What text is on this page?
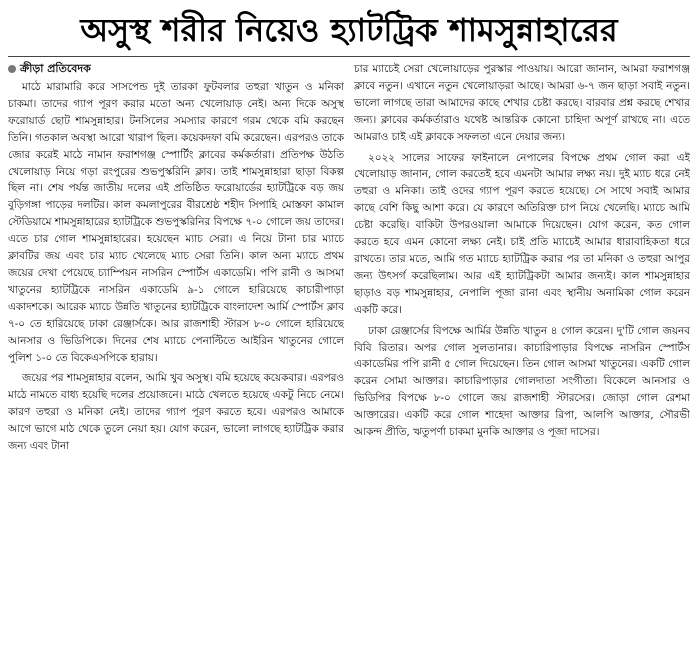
অসুস্থ শরীর নিয়েও হ্যাটট্রিক শামসুন্নাহারের
ক্রীড়া প্রতিবেদক

মাঠে মারামারি করে সাসপেন্ড দুই তারকা ফুটবলার তহুরা খাতুন ও মনিকা চাকমা। তাদের গ্যাপ পূরণ করার মতো অন্য খেলোয়াড় নেই। অন্য দিকে অসুস্থ ফরোয়ার্ড ছোট শামসুন্নাহার। টনসিলের সমস্যার কারণে গরম থেকে বমি করছেন তিনি। গতকাল অবস্থা আরো খারাপ ছিল। কয়েকদফা বমি করেছেন। এরপরও তাকে জোর করেই মাঠে নামান ফরাশগঞ্জ স্পোর্টিং ক্লাবের কর্মকর্তারা। প্রতিপক্ষ উঠতি খেলোয়াড় নিয়ে গড়া রংপুরের শুভপুস্করিনি ক্লাব। তাই শামসুন্নাহারা ছাড়া বিকল্প ছিল না। শেষ পর্যন্ত জাতীয় দলের এই প্রতিষ্ঠিত ফরোয়ার্ডের হ্যাটট্রিকে বড় জয় বুড়িগঙ্গা পাড়ের দলটির। কাল কমলাপুরের বীরশ্রেষ্ঠ শহীদ সিপাহি মোস্তফা কামাল স্টেডিয়ামে শামসুন্নাহারের হ্যাটট্রিকে শুভপুস্করিনির বিপক্ষে ৭-০ গোলে জয় তাদের। এতে চার গোল শামসুন্নাহারের। হয়েছেন ম্যাচ সেরা। এ নিয়ে টানা চার ম্যাচে ক্লাবটির জয় এবং চার ম্যাচ খেলেছে ম্যাচ সেরা তিনি। কাল অন্য ম্যাচে প্রথম জয়ের দেখা পেয়েছে চ্যাম্পিয়ন নাসরিন স্পোর্টস একাডেমি। পপি রানী ও আসমা খাতুনের হ্যাটট্রিকে নাসরিন একাডেমি ৯-১ গোলে হারিয়েছে কাচারীপাড়া একাদশকে। আরেক ম্যাচে উন্নতি খাতুনের হ্যাটট্রিকে বাংলাদেশ আর্মি স্পোর্টস ক্লাব ৭-০ তে হারিয়েছে ঢাকা রেঞ্জার্সকে। আর রাজশাহী স্টারস ৮-০ গোলে হারিয়েছে আনসার ও ভিডিপিকে। দিনের শেষ ম্যাচে পেনাল্টিতে আইরিন খাতুনের গোলে পুলিশ ১-০ তে বিকেএসপিকে হারায়।

জয়ের পর শামসুন্নাহার বলেন, আমি খুব অসুস্থ। বমি হয়েছে কয়েকবার। এরপরও মাঠে নামতে বাধ্য হয়েছি দলের প্রয়োজনে। মাঠে খেলতে হয়েছে একটু নিচে নেমে। কারণ তহুরা ও মনিকা নেই। তাদের গ্যাপ পূরণ করতে হবে। এরপরও আমাকে আগে ভাগে মাঠ থেকে তুলে নেয়া হয়। যোগ করেন, ভালো লাগছে হ্যাটট্রিক করার জন্য এবং টানা

চার ম্যাচেই সেরা খেলোয়াড়ের পুরস্কার পাওয়ায়। আরো জানান, আমরা ফরাশগঞ্জ ক্লাবে নতুন। এখানে নতুন খেলোয়াড়রা আছে। আমরা ৬-৭ জন ছাড়া সবাই নতুন। ভালো লাগছে তারা আমাদের কাছে শেখার চেষ্টা করছে। বারবার প্রশ্ন করছে শেখার জন্য। ক্লাবের কর্মকর্তারাও যথেষ্ট আন্তরিক কোনো চাহিদা অপূর্ণ রাখছে না। এতে আমরাও চাই এই ক্লাবকে সফলতা এনে দেয়ার জন্য।

২০২২ সালের সাফের ফাইনালে নেপালের বিপক্ষে প্রথম গোল করা এই খেলোয়াড় জানান, গোল করতেই হবে এমনটা আমার লক্ষ্য নয়। দুই ম্যাচ ধরে নেই তহুরা ও মনিকা। তাই ওদের গ্যাপ পূরণ করতে হয়েছে। সে সাথে সবাই আমার কাছে বেশি কিছু আশা করে। যে কারণে অতিরিক্ত চাপ নিয়ে খেলেছি। ম্যাচে আমি চেষ্টা করেছি। বাকিটা উপরওয়ালা আমাকে দিয়েছেন। যোগ করেন, কত গোল করতে হবে এমন কোনো লক্ষ্য নেই। চাই প্রতি ম্যাচেই আমার ধারাবাহিকতা ধরে রাখতে। তার মতে, আমি গত ম্যাচে হ্যাটট্রিক করার পর তা মনিকা ও তহুরা আপুর জন্য উৎসর্গ করেছিলাম। আর এই হ্যাটট্রিকটা আমার জন্যই। কাল শামসুন্নাহার ছাড়াও বড় শামসুন্নাহার, নেপালি পূজা রানা এবং স্থানীয় অনামিকা গোল করেন একটি করে।

ঢাকা রেঞ্জার্সের বিপক্ষে আর্মির উন্নতি খাতুন ৪ গোল করেন। দু'টি গোল জয়নব বিবি রিতার। অপর গোল সুলতানার। কাচারিপাড়ার বিপক্ষে নাসরিন স্পোর্টস একাডেমির পপি রানী ৫ গোল দিয়েছেন। তিন গোল আসমা খাতুনের। একটি গোল করেন সোমা আক্তার। কাচারিপাড়ার গোলদাতা সংগীতা। বিকেলে আনসার ও ভিডিপির বিপক্ষে ৮-০ গোলে জয় রাজশাহী স্টারসের। জোড়া গোল রেশমা আক্তারের। একটি করে গোল শাহেদা আক্তার রিপা, আলপি আক্তার, সৌরভী আকন্দ প্রীতি, ঋতুপর্ণা চাকমা মুনকি আক্তার ও পূজা দাসের।
